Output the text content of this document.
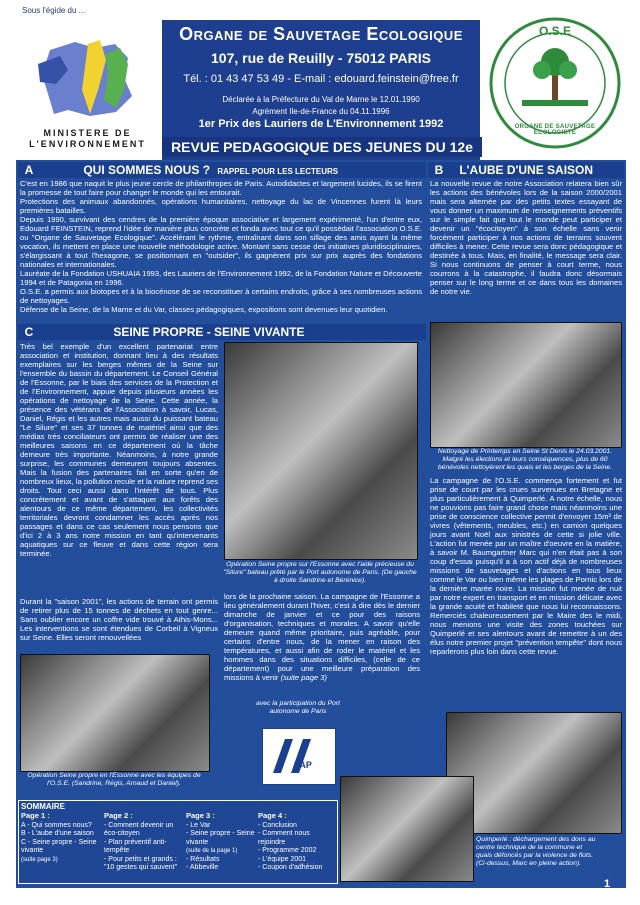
Sous l'égide du ...
MINISTERE DE
L'ENVIRONNEMENT
Organe de Sauvetage Ecologique
107, rue de Reuilly - 75012 PARIS
Tél. : 01 43 47 53 49 - E-mail : edouard.feinstein@free.fr
Déclarée à la Préfecture du Val de Marne le 12.01.1990
Agrément Ile-de-France du 04.11.1996
1er Prix des Lauriers de L'Environnement 1992
REVUE PEDAGOGIQUE DES JEUNES DU 12e
O.S.E
ORGANE DE SAUVETAGE ECOLOGISTE
A	QUI SOMMES NOUS ? RAPPEL POUR LES LECTEURS

C'est en 1986 que naquit le plus jeune cercle de philanthropes de Paris. Autodidactes et largement lucides, ils se firent la promesse de tout faire pour changer le monde qui les entourait.

Protections des animaux abandonnés, opérations humanitaires, nettoyage du lac de Vincennes furent là leurs premières batailles.

Depuis 1990, survivant des cendres de la première époque associative et largement expérimenté, l'un d'entre eux, Edouard FEINSTEIN, reprend l'idée de manière plus concrète et fonda avec tout ce qu'il possédait l'association O.S.E. ou "Organe de Sauvetage Ecologique". Accélérant le rythme, entraînant dans son sillage des amis ayant la même vocation, ils mettent en place une nouvelle méthodologie active. Montant sans cesse des initiatives pluridisciplinaires, s'élargissant à tout l'hexagone, se positionnant en "outsider", ils gagnèrent prix sur prix auprès des fondations nationales et internationales.

Lauréate de la Fondation USHUAIA 1993, des Lauriers de l'Environnement 1992, de la Fondation Nature et Découverte 1994 et de Patagonia en 1996.

O.S.E. a permis aux biotopes et à la biocénose de se reconstituer à certains endroits, grâce à ses nombreuses actions de nettoyages.

Défense de la Seine, de la Marne et du Var, classes pédagogiques, expositions sont devenues leur quotidien.

B L'AUBE D'UNE SAISON
La nouvelle revue de notre Association relatera bien sûr les actions des bénévoles lors de la saison 2000/2001 mais sera alternée par des petits textes essayant de vous donner un maximum de renseignements préventifs sur le simple fait que tout le monde peut participer et devenir un "écocitoyen" à son échelle sans venir forcément participer à nos actions de terrains souvent difficiles à mener. Cette revue sera donc pédagogique et destinée à tous. Mais, en finalité, le message sera clair. Si nous continuons de penser à court terme, nous courrons à la catastrophe, il faudra donc désormais penser sur le long terme et ce dans tous les domaines de notre vie.
Nettoyage de Printemps en Seine St Denis le 24.03.2001. Malgré les élections et leurs conséquences, plus de 60 bénévoles nettoyèrent les quais et les berges de la Seine.
La campagne de l'O.S.E. commença fortement et fut prise de court par les crues survenues en Bretagne et plus particulièrement à Quimperlé. A notre échelle, nous ne pouvions pas faire grand chose mais néanmoins une prise de conscience collective permit d'envoyer 15m³ de vivres (vêtements, meubles, etc.) en camion quelques jours avant Noël aux sinistrés de cette si jolie ville. L'action fut menée par un maître d'oeuvre en la matière, à savoir M. Baumgartner Marc qui n'en était pas à son coup d'essai puisqu'il a à son actif déjà de nombreuses missions de sauvetages et d'actions en tous lieux comme le Var ou bien même les plages de Pornic lors de la dernière marée noire. La mission fut menée de nuit par notre expert en transport et en mission délicate avec la grande acuité et habileté que nous lui reconnaissons. Remerciés chaleureusement par le Maire des le midi, nous menions une visite des zones touchées sur Quimperlé et ses alentours avant de remettre à un des élus notre premier projet "prévention tempête" dont nous reparlerons plus loin dans cette revue.
Quimperlé : déchargement des dons au centre technique de la commune et quais défoncés par la violence de flots. (Ci-dessus, Marc en pleine action).
C	SEINE PROPRE - SEINE VIVANTE
Très bel exemple d'un excellent partenariat entre association et institution, donnant lieu à des résultats exemplaires sur les berges mêmes de la Seine sur l'ensemble du bassin du département. Le Conseil Général de l'Essonne, par le biais des services de la Protection et de l'Environnement, appuie depuis plusieurs années les opérations de nettoyage de la Seine. Cette année, la présence des vétérans de l'Association à savoir, Lucas, Daniel, Régis et les autres mais aussi du puissant bateau "Le Silure" et ses 37 tonnes de matériel ainsi que des médias très conciliateurs ont permis de réaliser une des meilleures saisons en ce département où la tâche demeure très importante. Néanmoins, à notre grande surprise, les communes demeurent toujours absentes. Mais la fusion des partenaires fait en sorte qu'en de nombreux lieux, la pollution recule et la nature reprend ses droits. Tout ceci aussi dans l'intérêt de tous. Plus concrètement et avant de s'attaquer aux forêts des alentours de ce même département, les collectivités territoriales devront condamner les accès après nos passages et dans ce cas seulement nous pensons que d'ici 2 à 3 ans notre mission en tant qu'intervenants aquatiques sur ce fleuve et dans cette région sera terminée.
Durant la "saison 2001", les actions de terrain ont permis de retirer plus de 15 tonnes de déchets en tout genre... Sans oublier encore un coffre vide trouvé à Athis-Mons... Les interventions se sont étendues de Corbeil à Vigneux sur Seine. Elles seront renouvellées
Opération Seine propre sur l'Essonne avec l'aide précieuse du "Silure" bateau prêté par le Port autonome de Paris. (De gauche à droite Sandrine et Bérénice).
lors de la prochaine saison. La campagne de l'Essonne a lieu généralement durant l'hiver, c'est à dire dès le dernier dimanche de janvier et ce pour des raisons d'organisation, techniques et morales. A savoir qu'elle demeure quand même prioritaire, puis agréable, pour certains d'entre nous, de la mener en raison des températures, et aussi afin de roder le matériel et les hommes dans des situations difficiles, (celle de ce département) pour une meilleure préparation des missions à venir (suite page 3)
Opération Seine propre en l'Essonne avec les équipes de l'O.S.E. (Sandrine, Régis, Arnaud et Daniel).
avec la participation du Port autonome de Paris
PAP
SOMMAIRE
Page 1 :
A - Qui sommes nous?
B - L'aube d'une saison
C - Seine propre - Seine vivante
(suite page 3)
Page 2 :
- Comment devenir un éco-citoyen
- Plan préventif anti-tempête
- Pour petits et grands : "10 gestes qui sauvent"
Page 3 :
- Le Var
- Seine propre - Seine vivante
(suite de la page 1)
- Résultats
- Abbeville
Page 4 :
- Conclusion
- Comment nous rejoindre
- Programme 2002
- L'équipe 2001
- Coupon d'adhésion
1
